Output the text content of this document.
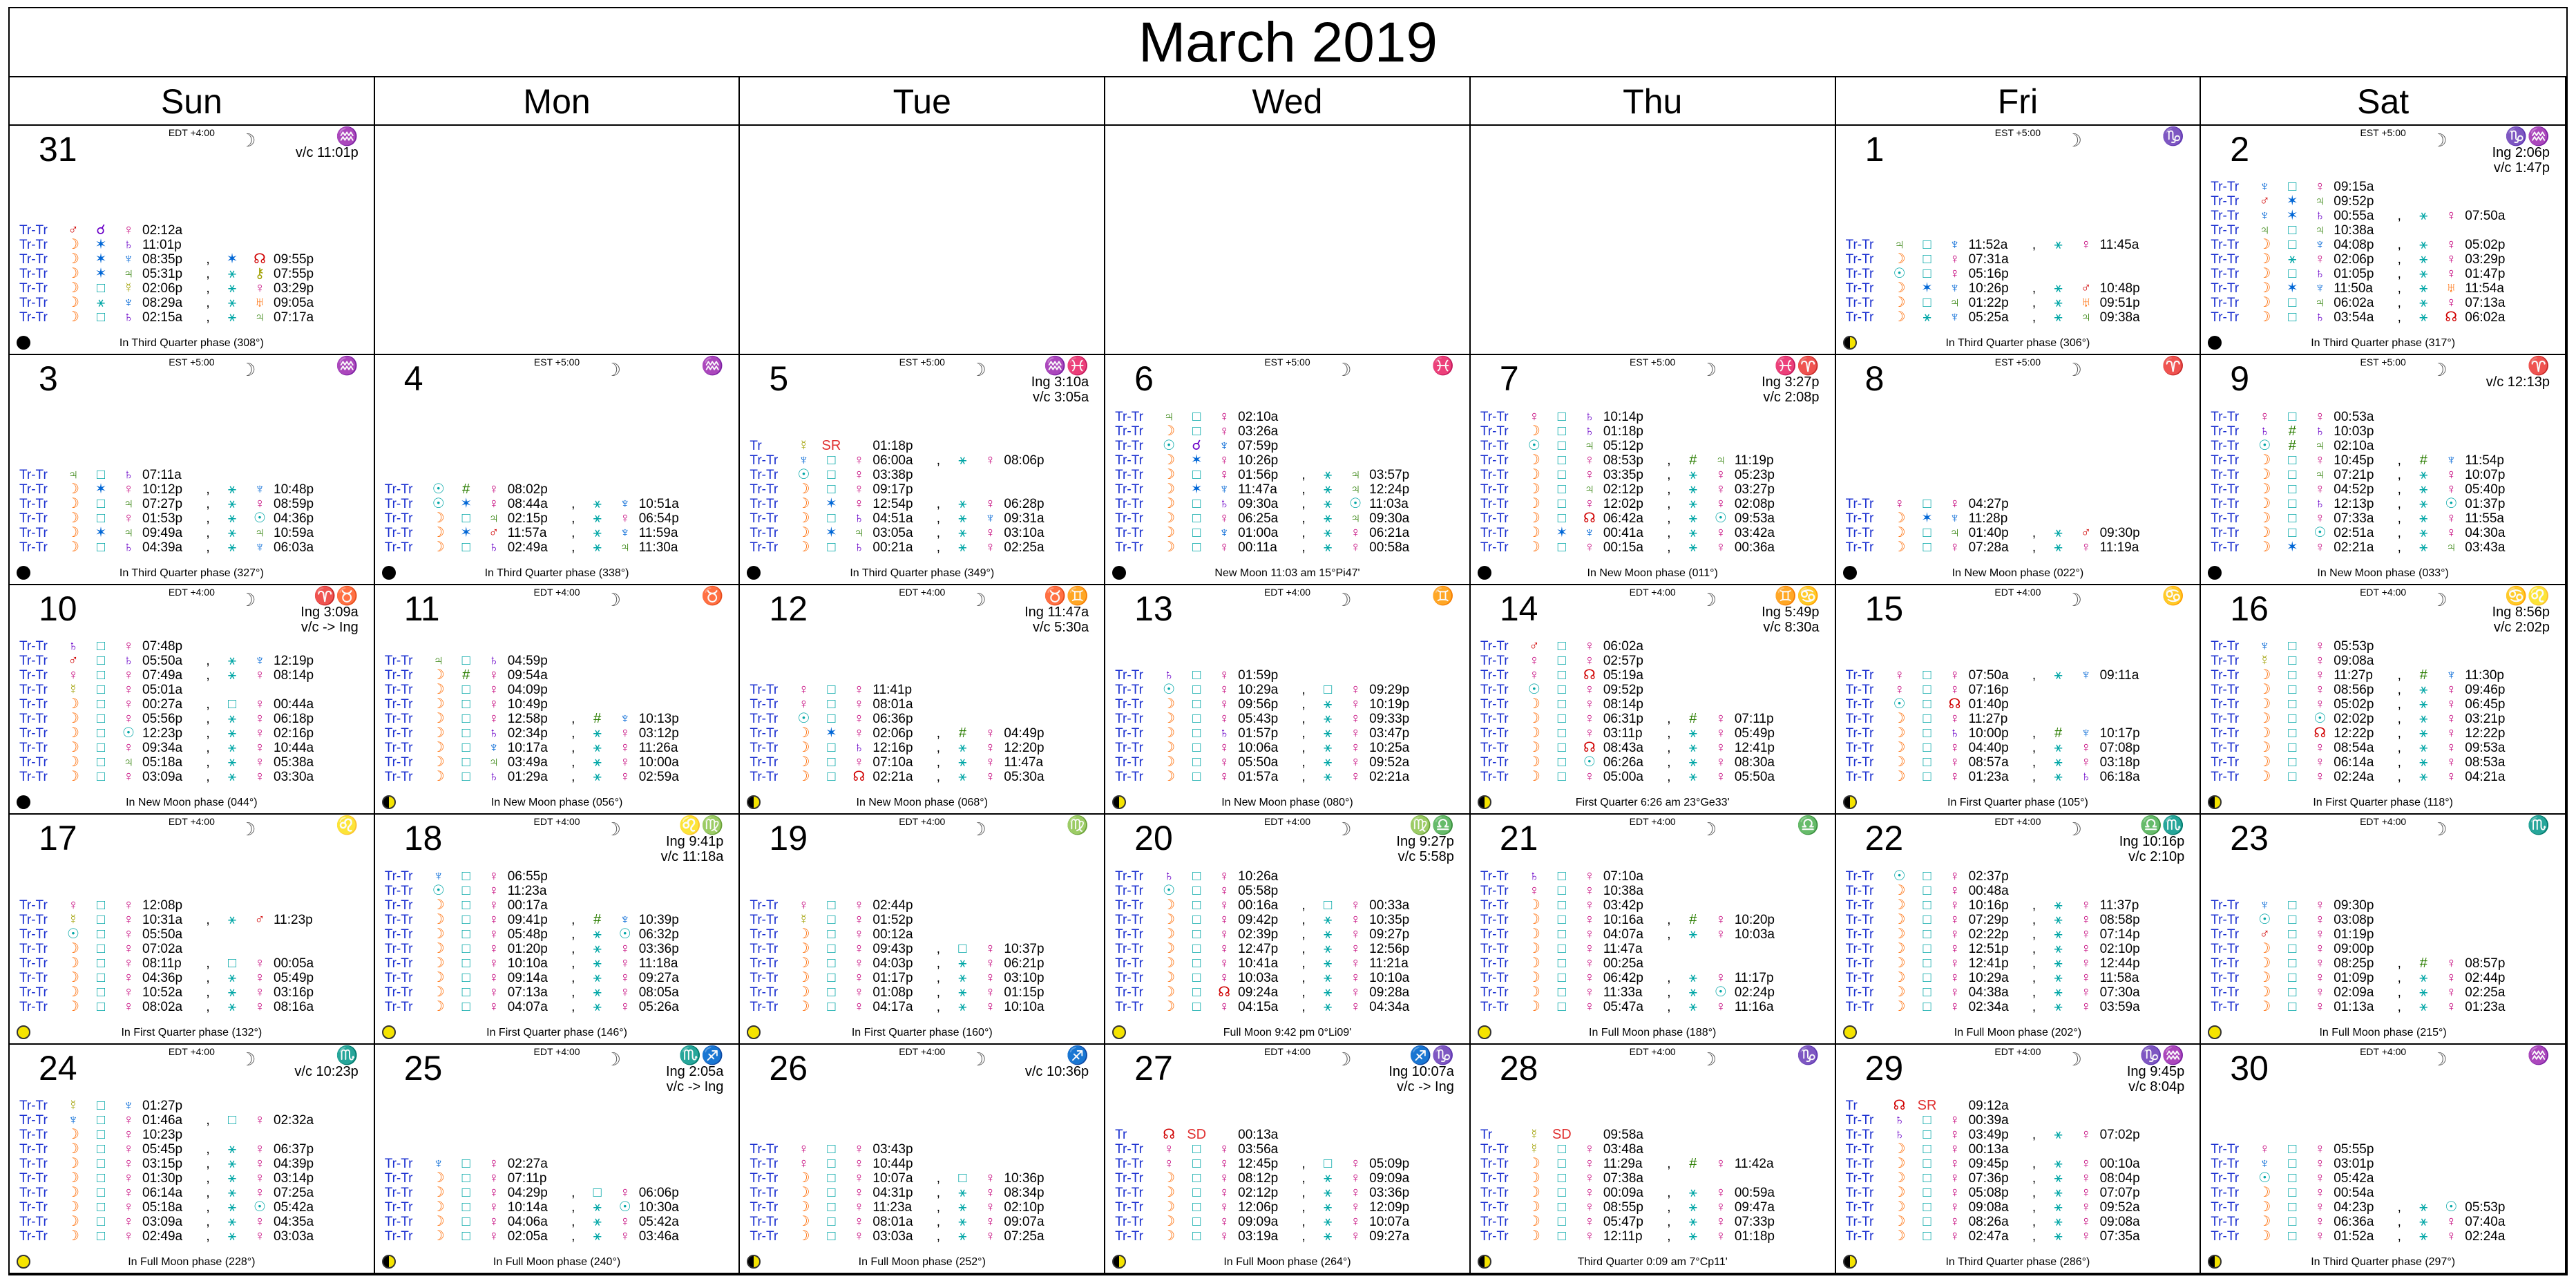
March 2019
Sun	Mon	Tue	Wed	Thu	Fri	Sat
31	EDT +4:00	☽	♒
v/c 11:01p
Tr-Tr	♂	☌	♀ 02:12a
Tr-Tr	☽	✶	♄ 11:01p
Tr-Tr	☽	✶	♆ 08:35p	,	✶	☊ 09:55p
Tr-Tr	☽	✶	♃ 05:31p	,	⚹	⚷ 07:55p
Tr-Tr	☽	□	☿ 02:06p	,	⚹	♀ 03:29p
Tr-Tr	☽	⚹	♆ 08:29a	,	⚹	♅ 09:05a
Tr-Tr	☽	□	♄ 02:15a	,	⚹	♃ 07:17a
In Third Quarter phase (308°)
1	EST +5:00	☽	♑
Tr-Tr	♃	□	♆ 11:52a	,	⚹	♀ 11:45a
Tr-Tr	☽	□	♀ 07:31a
Tr-Tr	☉	□	♀ 05:16p
Tr-Tr	☽	✶	♆ 10:26p	,	⚹	♂ 10:48p
Tr-Tr	☽	□	♃ 01:22p	,	⚹	♅ 09:51p
Tr-Tr	☽	⚹	♆ 05:25a	,	⚹	♃ 09:38a
In Third Quarter phase (306°)
2	EST +5:00	☽	♑♒
Ing 2:06p
v/c 1:47p
Tr-Tr	♆	□	♀ 09:15a
Tr-Tr	♂	✶	♃ 09:52p
Tr-Tr	♆	✶	♄ 00:55a	,	⚹	♀ 07:50a
Tr-Tr	♃	□	♃ 10:38a
Tr-Tr	☽	□	♆ 04:08p	,	⚹	♀ 05:02p
Tr-Tr	☽	⚹	♀ 02:06p	,	⚹	♀ 03:29p
Tr-Tr	☽	□	♄ 01:05p	,	⚹	♀ 01:47p
Tr-Tr	☽	✶	♆ 11:50a	,	⚹	♅ 11:54a
Tr-Tr	☽	□	♃ 06:02a	,	⚹	♀ 07:13a
Tr-Tr	☽	□	♄ 03:54a	,	⚹	☊ 06:02a
In Third Quarter phase (317°)
3	EST +5:00	☽	♒
Tr-Tr	♃	□	♄ 07:11a
Tr-Tr	☽	✶	♀ 10:12p	,	⚹	♆ 10:48p
Tr-Tr	☽	□	♃ 07:27p	,	⚹	♀ 08:59p
Tr-Tr	☽	□	♀ 01:53p	,	⚹	☉ 04:36p
Tr-Tr	☽	✶	♃ 09:49a	,	⚹	♃ 10:59a
Tr-Tr	☽	□	♄ 04:39a	,	⚹	♆ 06:03a
In Third Quarter phase (327°)
4	EST +5:00	☽	♒
Tr-Tr	☉	#	♀ 08:02p
Tr-Tr	☉	✶	♀ 08:44a	,	⚹	♆ 10:51a
Tr-Tr	☽	□	♃ 02:15p	,	⚹	♀ 06:54p
Tr-Tr	☽	✶	♂ 11:57a	,	⚹	♆ 11:59a
Tr-Tr	☽	□	♄ 02:49a	,	⚹	♃ 11:30a
In Third Quarter phase (338°)
5	EST +5:00	☽	♒♓
Ing 3:10a
v/c 3:05a
Tr	☿ SR	01:18p
Tr-Tr	♆	□	♀ 06:00a	,	⚹	♀ 08:06p
Tr-Tr	☉	□	♀ 03:38p
Tr-Tr	☽	□	♀ 09:17p
Tr-Tr	☽	✶	♀ 12:54p	,	⚹	♀ 06:28p
Tr-Tr	☽	□	♄ 04:51a	,	⚹	♆ 09:31a
Tr-Tr	☽	✶	♃ 03:05a	,	⚹	♀ 03:10a
Tr-Tr	☽	□	♄ 00:21a	,	⚹	♀ 02:25a
In Third Quarter phase (349°)
6	EST +5:00	☽	♓
Tr-Tr	♃	□	♀ 02:10a
Tr-Tr	☽	□	♀ 03:26a
Tr-Tr	☉	☌	♆ 07:59p
Tr-Tr	☽	✶	♀ 10:26p
Tr-Tr	☽	□	♀ 01:56p	,	⚹	♃ 03:57p
Tr-Tr	☽	✶	♆ 11:47a	,	⚹	♃ 12:24p
Tr-Tr	☽	□	♄ 09:30a	,	⚹	☉ 11:03a
Tr-Tr	☽	□	♀ 06:25a	,	⚹	♃ 09:30a
Tr-Tr	☽	□	♆ 01:00a	,	⚹	♀ 06:21a
Tr-Tr	☽	□	♀ 00:11a	,	⚹	♀ 00:58a
New Moon 11:03 am 15°Pi47'
7	EST +5:00	☽	♓♈
Ing 3:27p
v/c 2:08p
Tr-Tr	♀	□	♄ 10:14p
Tr-Tr	☽	□	♄ 01:18p
Tr-Tr	☉	□	♃ 05:12p
Tr-Tr	☽	□	♀ 08:53p	,	#	♃ 11:19p
Tr-Tr	☽	□	♀ 03:35p	,	⚹	♀ 05:23p
Tr-Tr	☽	□	♃ 02:12p	,	⚹	♀ 03:27p
Tr-Tr	☽	□	♀ 12:02p	,	⚹	♀ 02:08p
Tr-Tr	☽	□	☊ 06:42a	,	⚹	☉ 09:53a
Tr-Tr	☽	✶	♆ 00:41a	,	⚹	♀ 03:42a
Tr-Tr	☽	□	♀ 00:15a	,	⚹	♀ 00:36a
In New Moon phase (011°)
8	EST +5:00	☽	♈
Tr-Tr	♀	□	♀ 04:27p
Tr-Tr	☽	✶	♆ 11:28p
Tr-Tr	☽	□	♃ 01:40p	,	⚹	♂ 09:30p
Tr-Tr	☽	□	♀ 07:28a	,	⚹	♀ 11:19a
In New Moon phase (022°)
9	EST +5:00	☽	♈
v/c 12:13p
Tr-Tr	♀	□	♀ 00:53a
Tr-Tr	♄	#	♄ 10:03p
Tr-Tr	☉	#	♃ 02:10a
Tr-Tr	☽	□	♀ 10:45p	,	#	♆ 11:54p
Tr-Tr	☽	□	♃ 07:21p	,	⚹	♀ 10:07p
Tr-Tr	☽	□	♀ 04:52p	,	⚹	♀ 05:40p
Tr-Tr	☽	□	♄ 12:13p	,	⚹	☉ 01:37p
Tr-Tr	☽	□	♀ 07:33a	,	⚹	♀ 11:55a
Tr-Tr	☽	□	☉ 02:51a	,	⚹	♀ 04:30a
Tr-Tr	☽	✶	♀ 02:21a	,	⚹	♃ 03:43a
In New Moon phase (033°)
10	EDT +4:00	☽	♈♉
Ing 3:09a
v/c -> Ing
Tr-Tr	♄	□	♀ 07:48p
Tr-Tr	♂	□	♄ 05:50a	,	⚹	♆ 12:19p
Tr-Tr	♀	□	♀ 07:49a	,	⚹	♀ 08:14p
Tr-Tr	☿	□	♀ 05:01a
Tr-Tr	☽	□	♀ 00:27a	,	□	♀ 00:44a
Tr-Tr	☽	□	♀ 05:56p	,	⚹	♀ 06:18p
Tr-Tr	☽	□	☉ 12:23p	,	⚹	♀ 02:16p
Tr-Tr	☽	□	♀ 09:34a	,	⚹	♀ 10:44a
Tr-Tr	☽	□	♃ 05:18a	,	⚹	♀ 05:38a
Tr-Tr	☽	□	♀ 03:09a	,	⚹	♀ 03:30a
In New Moon phase (044°)
11	EDT +4:00	☽	♉
Tr-Tr	♃	□	♄ 04:59p
Tr-Tr	☽	#	♀ 09:54a
Tr-Tr	☽	□	♀ 04:09p
Tr-Tr	☽	□	♀ 10:49p
Tr-Tr	☽	□	♀ 12:58p	,	#	♆ 10:13p
Tr-Tr	☽	□	♄ 02:34p	,	⚹	♀ 03:12p
Tr-Tr	☽	□	♆ 10:17a	,	⚹	♀ 11:26a
Tr-Tr	☽	□	♃ 03:49a	,	⚹	♀ 10:00a
Tr-Tr	☽	□	♄ 01:29a	,	⚹	♀ 02:59a
In New Moon phase (056°)
12	EDT +4:00	☽	♉♊
Ing 11:47a
v/c 5:30a
Tr-Tr	♀	□	♀ 11:41p
Tr-Tr	♀	□	♀ 08:01a
Tr-Tr	☉	□	♀ 06:36p
Tr-Tr	☽	✶	♀ 02:06p	,	#	♀ 04:49p
Tr-Tr	☽	□	♄ 12:16p	,	⚹	♀ 12:20p
Tr-Tr	☽	□	♀ 07:10a	,	⚹	♀ 11:47a
Tr-Tr	☽	□	☊ 02:21a	,	⚹	♀ 05:30a
In New Moon phase (068°)
13	EDT +4:00	☽	♊
Tr-Tr	♄	□	♀ 01:59p
Tr-Tr	☉	□	♀ 10:29a	,	□	♀ 09:29p
Tr-Tr	☽	□	♀ 09:56p	,	⚹	♀ 10:19p
Tr-Tr	☽	□	♀ 05:43p	,	⚹	♀ 09:33p
Tr-Tr	☽	□	♄ 01:57p	,	⚹	♀ 03:47p
Tr-Tr	☽	□	♀ 10:06a	,	⚹	♀ 10:25a
Tr-Tr	☽	□	♀ 05:50a	,	⚹	♀ 09:52a
Tr-Tr	☽	□	♀ 01:57a	,	⚹	♀ 02:21a
In New Moon phase (080°)
14	EDT +4:00	☽	♊♋
Ing 5:49p
v/c 8:30a
Tr-Tr	♂	□	♀ 06:02a
Tr-Tr	♀	□	♀ 02:57p
Tr-Tr	♀	□	☊ 05:19a
Tr-Tr	☉	□	♀ 09:52p
Tr-Tr	☽	□	♀ 08:14p
Tr-Tr	☽	□	♀ 06:31p	,	#	♀ 07:11p
Tr-Tr	☽	□	♀ 03:11p	,	⚹	♀ 05:49p
Tr-Tr	☽	□	☊ 08:43a	,	⚹	♀ 12:41p
Tr-Tr	☽	□	☉ 06:26a	,	⚹	♀ 08:30a
Tr-Tr	☽	□	♀ 05:00a	,	⚹	♀ 05:50a
First Quarter 6:26 am 23°Ge33'
15	EDT +4:00	☽	♋
Tr-Tr	♀	□	♀ 07:50a	,	⚹	♆ 09:11a
Tr-Tr	♀	□	♀ 07:16p
Tr-Tr	☉	□	☊ 01:40p
Tr-Tr	☽	□	♀ 11:27p
Tr-Tr	☽	□	♄ 10:00p	,	#	♆ 10:17p
Tr-Tr	☽	□	♀ 04:40p	,	⚹	♀ 07:08p
Tr-Tr	☽	□	♀ 08:57a	,	⚹	♀ 03:18p
Tr-Tr	☽	□	♀ 01:23a	,	⚹	♄ 06:18a
In First Quarter phase (105°)
16	EDT +4:00	☽	♋♌
Ing 8:56p
v/c 2:02p
Tr-Tr	♆	□	♀ 05:53p
Tr-Tr	☿	□	♀ 09:08a
Tr-Tr	☽	□	♀ 11:27p	,	#	♆ 11:30p
Tr-Tr	☽	□	♀ 08:56p	,	⚹	♀ 09:46p
Tr-Tr	☽	□	♀ 05:02p	,	⚹	♀ 06:45p
Tr-Tr	☽	□	☉ 02:02p	,	⚹	♀ 03:21p
Tr-Tr	☽	□	☊ 12:22p	,	⚹	♀ 12:22p
Tr-Tr	☽	□	♀ 08:54a	,	⚹	♀ 09:53a
Tr-Tr	☽	□	♀ 06:14a	,	⚹	♀ 08:53a
Tr-Tr	☽	□	♀ 02:24a	,	⚹	♀ 04:21a
In First Quarter phase (118°)
17	EDT +4:00	☽	♌
Tr-Tr	♀	□	♀ 12:08p
Tr-Tr	☿	□	♀ 10:31a	,	⚹	♂ 11:23p
Tr-Tr	☉	□	♀ 05:50a
Tr-Tr	☽	□	♀ 07:02a
Tr-Tr	☽	□	♀ 08:11p	,	□	♀ 00:05a
Tr-Tr	☽	□	♀ 04:36p	,	⚹	♀ 05:49p
Tr-Tr	☽	□	♀ 10:52a	,	⚹	♀ 03:16p
Tr-Tr	☽	□	♀ 08:02a	,	⚹	♀ 08:16a
In First Quarter phase (132°)
18	EDT +4:00	☽	♌♍
Ing 9:41p
v/c 11:18a
Tr-Tr	♆	□	♀ 06:55p
Tr-Tr	☉	□	♀ 11:23a
Tr-Tr	☽	□	♀ 00:17a
Tr-Tr	☽	□	♀ 09:41p	,	#	♆ 10:39p
Tr-Tr	☽	□	♀ 05:48p	,	⚹	☉ 06:32p
Tr-Tr	☽	□	♀ 01:20p	,	⚹	♀ 03:36p
Tr-Tr	☽	□	♀ 10:10a	,	⚹	♀ 11:18a
Tr-Tr	☽	□	♀ 09:14a	,	⚹	♀ 09:27a
Tr-Tr	☽	□	♀ 07:13a	,	⚹	♀ 08:05a
Tr-Tr	☽	□	♀ 04:07a	,	⚹	♀ 05:26a
In First Quarter phase (146°)
19	EDT +4:00	☽	♍
Tr-Tr	♀	□	♀ 02:44p
Tr-Tr	☿	□	♀ 01:52p
Tr-Tr	☽	□	♀ 00:12a
Tr-Tr	☽	□	♀ 09:43p	,	□	♀ 10:37p
Tr-Tr	☽	□	♀ 04:03p	,	⚹	♀ 06:21p
Tr-Tr	☽	□	♀ 01:17p	,	⚹	♀ 03:10p
Tr-Tr	☽	□	♀ 01:08p	,	⚹	♀ 01:15p
Tr-Tr	☽	□	♀ 04:17a	,	⚹	♀ 10:10a
In First Quarter phase (160°)
20	EDT +4:00	☽	♍♎
Ing 9:27p
v/c 5:58p
Tr-Tr	♄	□	♀ 10:26a
Tr-Tr	☉	□	♀ 05:58p
Tr-Tr	☽	□	♀ 00:16a	,	□	♀ 00:33a
Tr-Tr	☽	□	♀ 09:42p	,	⚹	♀ 10:35p
Tr-Tr	☽	□	♀ 02:39p	,	⚹	♀ 09:27p
Tr-Tr	☽	□	♀ 12:47p	,	⚹	♀ 12:56p
Tr-Tr	☽	□	♀ 10:41a	,	⚹	♀ 11:21a
Tr-Tr	☽	□	♀ 10:03a	,	⚹	♀ 10:10a
Tr-Tr	☽	□	☊ 09:24a	,	⚹	♀ 09:28a
Tr-Tr	☽	□	♀ 04:15a	,	⚹	♀ 04:34a
Full Moon 9:42 pm 0°Li09'
21	EDT +4:00	☽	♎
Tr-Tr	♄	□	♀ 07:10a
Tr-Tr	♀	□	♀ 10:38a
Tr-Tr	☽	□	♀ 03:42p
Tr-Tr	☽	□	♀ 10:16a	,	#	♀ 10:20p
Tr-Tr	☽	□	♀ 04:07a	,	⚹	♀ 10:03a
Tr-Tr	☽	□	♀ 11:47a
Tr-Tr	☽	□	♀ 00:25a
Tr-Tr	☽	□	♀ 06:42p	,	⚹	♀ 11:17p
Tr-Tr	☽	□	♀ 11:33a	,	⚹	☉ 02:24p
Tr-Tr	☽	□	♀ 05:47a	,	⚹	♀ 11:16a
In Full Moon phase (188°)
22	EDT +4:00	☽	♎♏
Ing 10:16p
v/c 2:10p
Tr-Tr	☉	□	♀ 02:37p
Tr-Tr	☽	□	♀ 00:48a
Tr-Tr	☽	□	♀ 10:16p	,	⚹	♀ 11:37p
Tr-Tr	☽	□	♀ 07:29p	,	⚹	♀ 08:58p
Tr-Tr	☽	□	♀ 02:22p	,	⚹	♀ 07:14p
Tr-Tr	☽	□	♀ 12:51p	,	⚹	♀ 02:10p
Tr-Tr	☽	□	♀ 12:41p	,	⚹	♀ 12:44p
Tr-Tr	☽	□	♀ 10:29a	,	⚹	♀ 11:58a
Tr-Tr	☽	□	♀ 04:38a	,	⚹	♀ 07:30a
Tr-Tr	☽	□	♀ 02:34a	,	⚹	♀ 03:59a
In Full Moon phase (202°)
23	EDT +4:00	☽	♏
Tr-Tr	♆	□	♀ 09:30p
Tr-Tr	☉	□	♀ 03:08p
Tr-Tr	♂	□	♀ 01:19p
Tr-Tr	☽	□	♀ 09:00p
Tr-Tr	☽	□	♀ 08:25p	,	#	♀ 08:57p
Tr-Tr	☽	□	♀ 01:09p	,	⚹	♀ 02:44p
Tr-Tr	☽	□	♀ 02:09a	,	⚹	♀ 02:25a
Tr-Tr	☽	□	♀ 01:13a	,	⚹	♀ 01:23a
In Full Moon phase (215°)
24	EDT +4:00	☽	♏
v/c 10:23p
Tr-Tr	☿	□	♆ 01:27p
Tr-Tr	♆	□	♀ 01:46a	,	□	♀ 02:32a
Tr-Tr	☽	□	♀ 10:23p
Tr-Tr	☽	□	♀ 05:45p	,	⚹	♀ 06:37p
Tr-Tr	☽	□	♀ 03:15p	,	⚹	♀ 04:39p
Tr-Tr	☽	□	♀ 01:30p	,	⚹	♀ 03:14p
Tr-Tr	☽	□	♀ 06:14a	,	⚹	♀ 07:25a
Tr-Tr	☽	□	♀ 05:18a	,	⚹	☉ 05:42a
Tr-Tr	☽	□	♀ 03:09a	,	⚹	♀ 04:35a
Tr-Tr	☽	□	♀ 02:49a	,	⚹	♀ 03:03a
In Full Moon phase (228°)
25	EDT +4:00	☽	♏♐
Ing 2:05a
v/c -> Ing
Tr-Tr	♆	□	♀ 02:27a
Tr-Tr	☽	□	♀ 07:11p
Tr-Tr	☽	□	♀ 04:29p	,	□	♀ 06:06p
Tr-Tr	☽	□	♀ 10:14a	,	⚹	☉ 10:30a
Tr-Tr	☽	□	♀ 04:06a	,	⚹	♀ 05:42a
Tr-Tr	☽	□	♀ 02:05a	,	⚹	♀ 03:46a
In Full Moon phase (240°)
26	EDT +4:00	☽	♐
v/c 10:36p
Tr-Tr	♀	□	♀ 03:43p
Tr-Tr	♀	□	♀ 10:44p
Tr-Tr	☽	□	♀ 10:07a	,	□	♀ 10:36p
Tr-Tr	☽	□	♀ 04:31p	,	⚹	♀ 08:34p
Tr-Tr	☽	□	♀ 11:23a	,	⚹	♀ 02:10p
Tr-Tr	☽	□	♀ 08:01a	,	⚹	♀ 09:07a
Tr-Tr	☽	□	♀ 03:03a	,	⚹	♀ 07:25a
In Full Moon phase (252°)
27	EDT +4:00	☽	♐♑
Ing 10:07a
v/c -> Ing
Tr	☊ SD	00:13a
Tr-Tr	♀	□	♀ 03:56a
Tr-Tr	♀	□	♀ 12:45p	,	□	♀ 05:09p
Tr-Tr	☽	□	♀ 08:12p	,	⚹	♀ 09:09a
Tr-Tr	☽	□	♀ 02:12p	,	⚹	♀ 03:36p
Tr-Tr	☽	□	♀ 12:06p	,	⚹	♀ 12:09p
Tr-Tr	☽	□	♀ 09:09a	,	⚹	♀ 10:07a
Tr-Tr	☽	□	♀ 03:19a	,	⚹	♀ 09:27a
In Full Moon phase (264°)
28	EDT +4:00	☽	♑
Tr	☿ SD	09:58a
Tr-Tr	☿	□	♀ 03:48a
Tr-Tr	☽	□	♀ 11:29a	,	#	♀ 11:42a
Tr-Tr	☽	□	♀ 07:38a
Tr-Tr	☽	□	♀ 00:09a	,	⚹	♀ 00:59a
Tr-Tr	☽	□	♀ 08:55p	,	⚹	♀ 09:47a
Tr-Tr	☽	□	♀ 05:47p	,	⚹	♀ 07:33p
Tr-Tr	☽	□	♀ 12:11p	,	⚹	♀ 01:18p
Third Quarter 0:09 am 7°Cp11'
29	EDT +4:00	☽	♑♒
Ing 9:45p
v/c 8:04p
Tr	☊ SR	09:12a
Tr-Tr	♄	□	♀ 00:39a
Tr-Tr	♄	□	♀ 03:49p	,	⚹	♀ 07:02p
Tr-Tr	☽	□	♀ 00:13a
Tr-Tr	☽	□	♀ 09:45p	,	⚹	♀ 00:10a
Tr-Tr	☽	□	♀ 07:36p	,	⚹	♀ 08:04p
Tr-Tr	☽	□	♀ 05:08p	,	⚹	♀ 07:07p
Tr-Tr	☽	□	♀ 09:08a	,	⚹	♀ 09:52a
Tr-Tr	☽	□	♀ 08:26a	,	⚹	♀ 09:08a
Tr-Tr	☽	□	♀ 02:47a	,	⚹	♀ 07:35a
In Third Quarter phase (286°)
30	EDT +4:00	☽	♒
Tr-Tr	♀	□	♀ 05:55p
Tr-Tr	♆	□	♀ 03:01p
Tr-Tr	☉	□	♀ 05:42a
Tr-Tr	☽	□	♀ 00:54a
Tr-Tr	☽	□	♀ 04:23p	,	⚹	☉ 05:53p
Tr-Tr	☽	□	♀ 06:36a	,	⚹	♀ 07:40a
Tr-Tr	☽	□	♀ 01:52a	,	⚹	♀ 02:24a
In Third Quarter phase (297°)
